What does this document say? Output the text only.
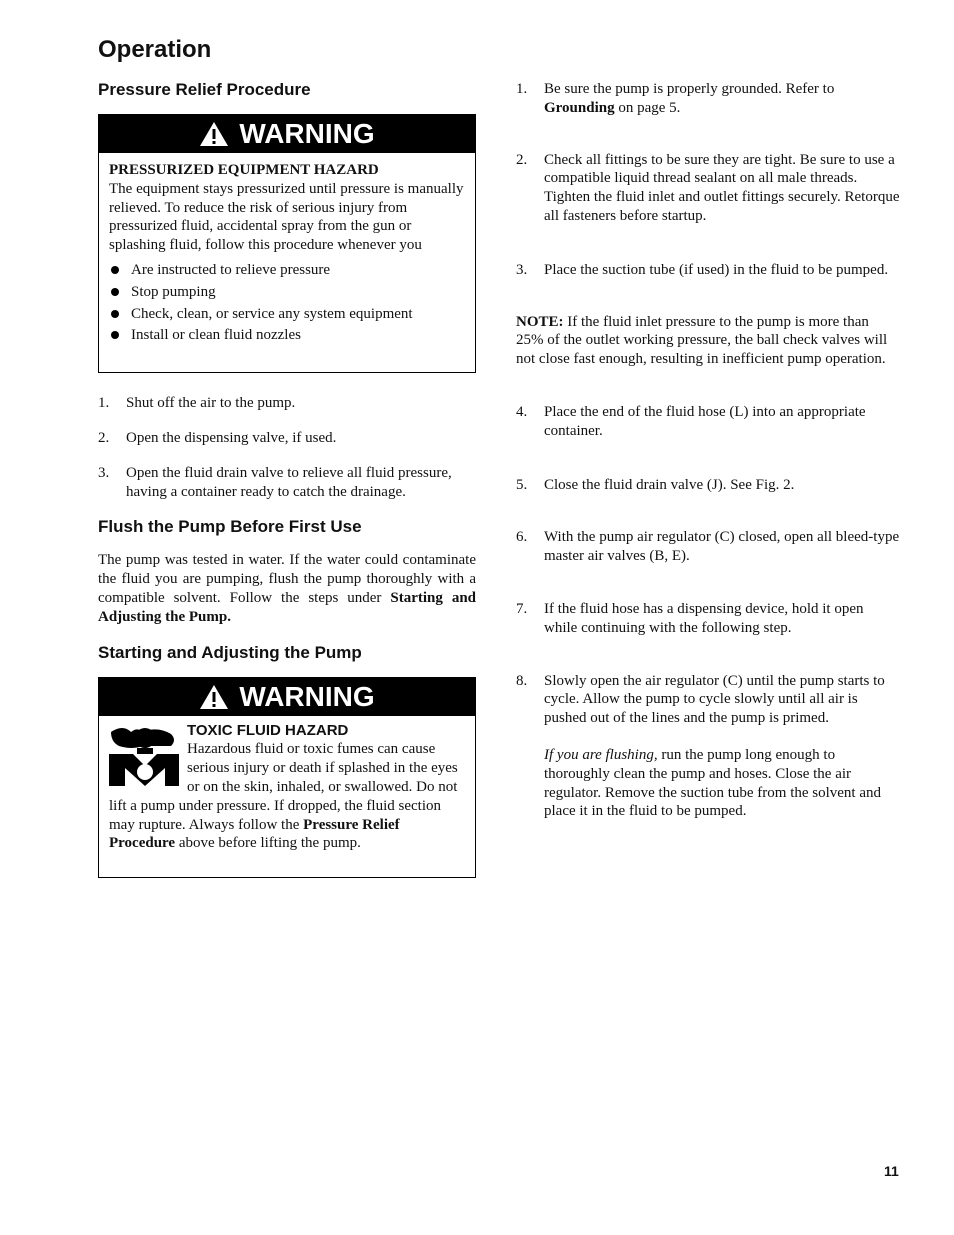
Operation
Pressure Relief Procedure
WARNING
PRESSURIZED EQUIPMENT HAZARD
The equipment stays pressurized until pressure is manually relieved. To reduce the risk of serious injury from pressurized fluid, accidental spray from the gun or splashing fluid, follow this procedure whenever you
Are instructed to relieve pressure
Stop pumping
Check, clean, or service any system equipment
Install or clean fluid nozzles
1.	Shut off the air to the pump.
2.	Open the dispensing valve, if used.
3.	Open the fluid drain valve to relieve all fluid pressure, having a container ready to catch the drainage.
Flush the Pump Before First Use

The pump was tested in water. If the water could contaminate the fluid you are pumping, flush the pump thoroughly with a compatible solvent. Follow the steps under Starting and Adjusting the Pump.

Starting and Adjusting the Pump
WARNING
TOXIC FLUID HAZARD
Hazardous fluid or toxic fumes can cause serious injury or death if splashed in the eyes or on the skin, inhaled, or swallowed. Do not lift a pump under pressure. If dropped, the fluid section may rupture. Always follow the Pressure Relief Procedure above before lifting the pump.
1.	Be sure the pump is properly grounded. Refer to Grounding on page 5.
2.	Check all fittings to be sure they are tight. Be sure to use a compatible liquid thread sealant on all male threads. Tighten the fluid inlet and outlet fittings securely. Retorque all fasteners before startup.
3.	Place the suction tube (if used) in the fluid to be pumped.

NOTE: If the fluid inlet pressure to the pump is more than 25% of the outlet working pressure, the ball check valves will not close fast enough, resulting in inefficient pump operation.

4.	Place the end of the fluid hose (L) into an appropriate container.
5.	Close the fluid drain valve (J). See Fig. 2.
6.	With the pump air regulator (C) closed, open all bleed-type master air valves (B, E).
7.	If the fluid hose has a dispensing device, hold it open while continuing with the following step.
8.	Slowly open the air regulator (C) until the pump starts to cycle. Allow the pump to cycle slowly until all air is pushed out of the lines and the pump is primed.
If you are flushing, run the pump long enough to thoroughly clean the pump and hoses. Close the air regulator. Remove the suction tube from the solvent and place it in the fluid to be pumped.
11
